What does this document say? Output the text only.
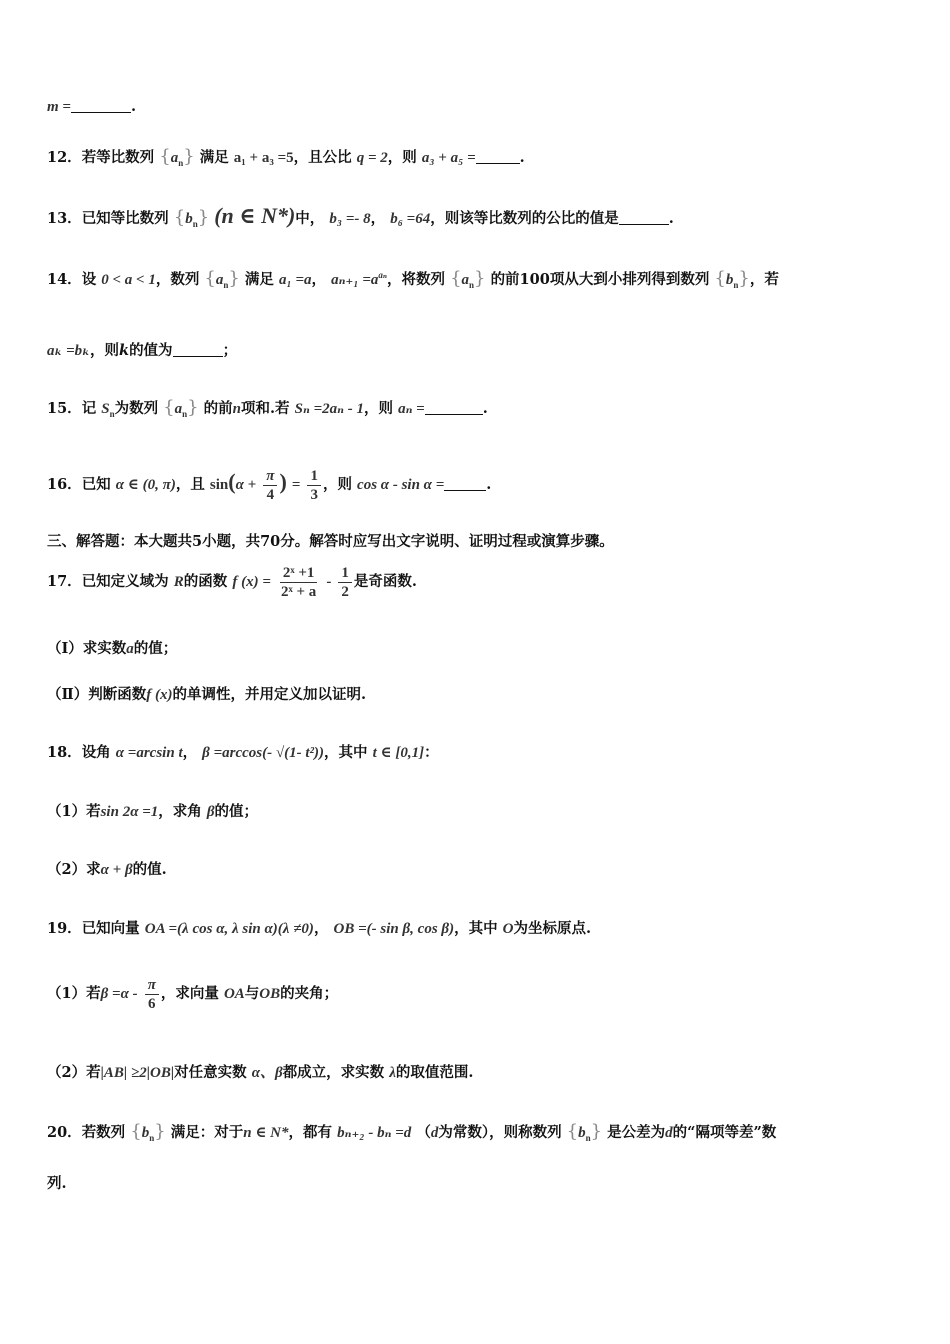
m =	.
12．若等比数列 $\{a_n\}$ 满足 a₁ + a₃ =5，且公比 q = 2，则 a₃ + a₅ =	.
13．已知等比数列 $\{b_n\}$ (n ∈ N*)中， b₃ =- 8， b₆ =64，则该等比数列的公比的值是	.
14．设 0 < a < 1，数列 $\{a_n\}$ 满足 a₁ =a， $a_{n+1} =a^{a_n}$，将数列 $\{a_n\}$ 的前100项从大到小排列得到数列 $\{b_n\}$，若
aₖ =bₖ，则k的值为	；
15．记 $S_n$为数列 $\{a_n\}$ 的前n项和.若 Sₙ =2aₙ - 1，则 aₙ =	.
16．已知 α ∈ (0, π)，且 $\sin(\alpha + \frac{\pi}{4}$ ) = $\frac{1}{3}$ ，则 cos α - sin α =	.
三、解答题：本大题共5小题，共70分。解答时应写出文字说明、证明过程或演算步骤。
17．已知定义域为 R的函数 f $(x) = \frac{\text{2ˣ +1}}{\text{2ˣ + a}} - \frac{1}{2}$ 是奇函数.
（Ⅰ）求实数a的值；
（Ⅱ）判断函数f (x)的单调性，并用定义加以证明.
18．设角 α =arcsin t， β =arccos(- √(1- t²))，其中 t ∈ [0,1]：
（1）若sin 2α =1，求角 β的值；
（2）求α + β的值.
19．已知向量 OA =(λ cos α, λ sin α)(λ ≠0)， OB =(- sin β, cos β)，其中 O为坐标原点.
（1）若$\beta =\alpha - \frac{\pi}{6}$ ，求向量 OA与OB的夹角；
（2）若|AB| ≥2|OB|对任意实数 α、β都成立，求实数 λ的取值范围.
20．若数列 $\{b_n\}$ 满足：对于n ∈ N*，都有 bₙ₊₂ - bₙ =d （d为常数），则称数列 $\{b_n\}$ 是公差为d的“隔项等差”数
列.
